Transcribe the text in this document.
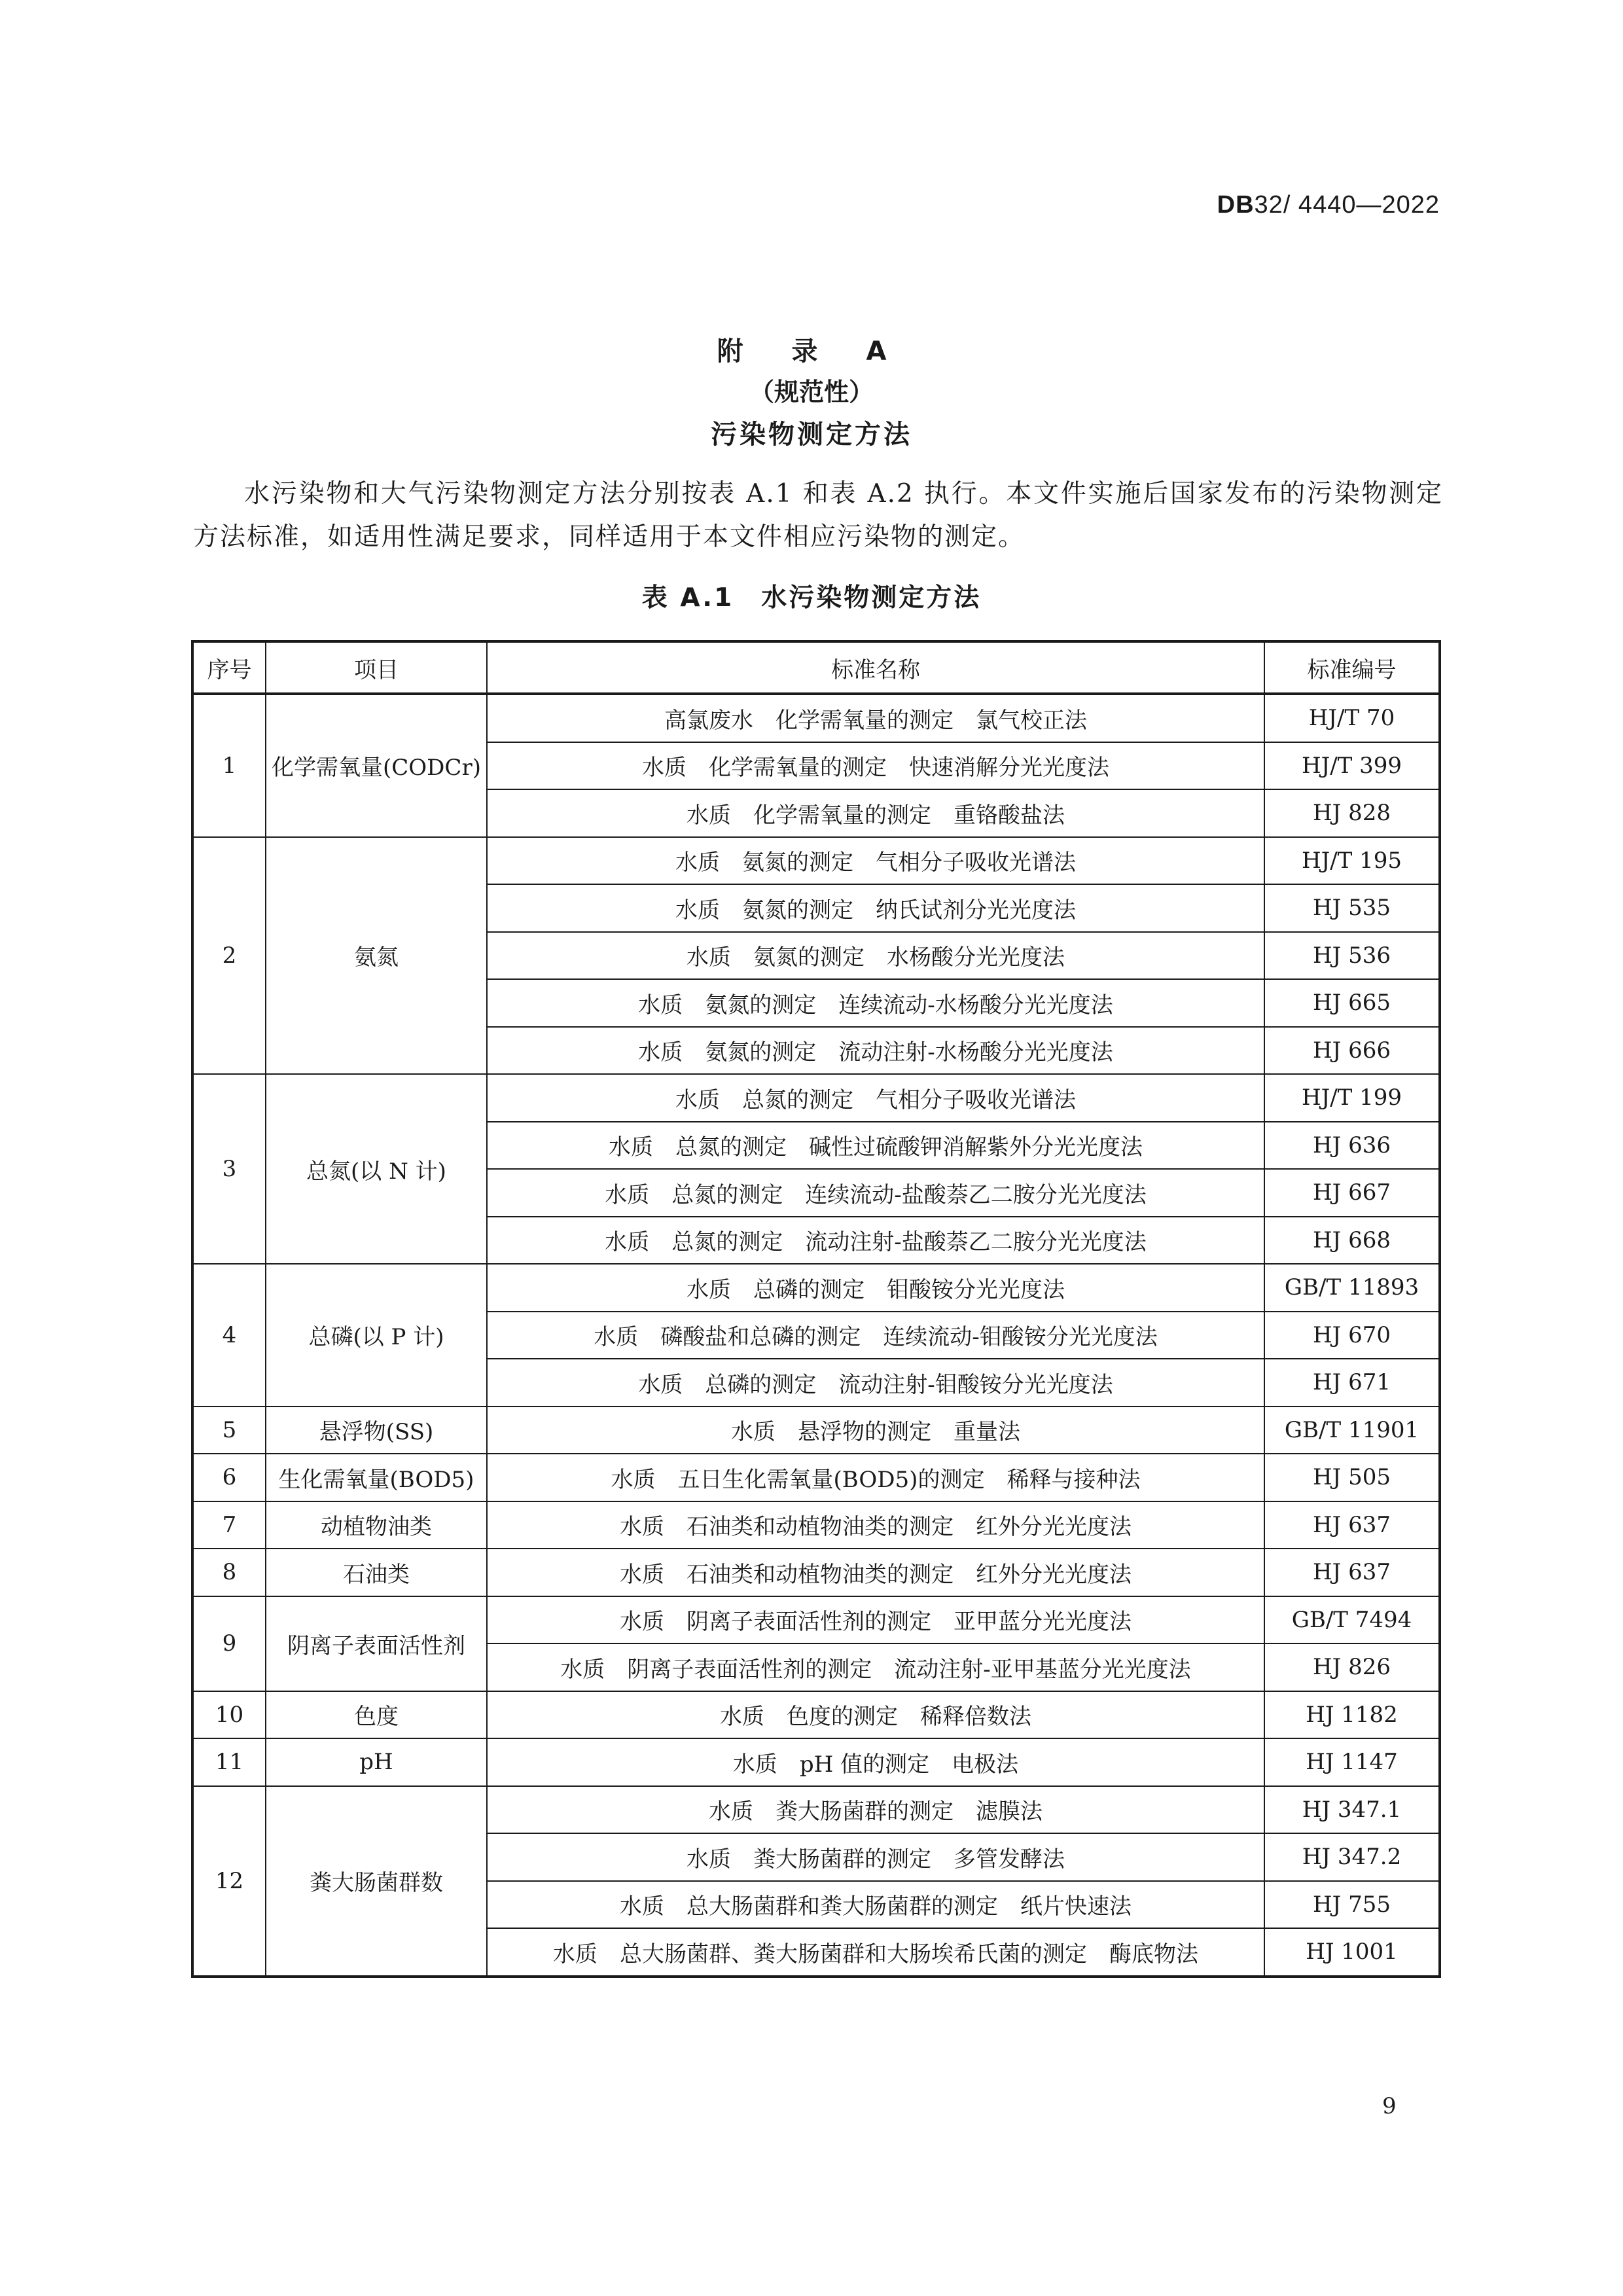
DB32/ 4440—2022
附 录 A
（规范性）
污染物测定方法

水污染物和大气污染物测定方法分别按表 A.1 和表 A.2 执行。本文件实施后国家发布的污染物测定方法标准，如适用性满足要求，同样适用于本文件相应污染物的测定。

表 A.1　水污染物测定方法
序号	项目	标准名称	标准编号
1	化学需氧量(CODCr)	高氯废水　化学需氧量的测定　氯气校正法	HJ/T 70
		水质　化学需氧量的测定　快速消解分光光度法	HJ/T 399
		水质　化学需氧量的测定　重铬酸盐法	HJ 828
2	氨氮	水质　氨氮的测定　气相分子吸收光谱法	HJ/T 195
		水质　氨氮的测定　纳氏试剂分光光度法	HJ 535
		水质　氨氮的测定　水杨酸分光光度法	HJ 536
		水质　氨氮的测定　连续流动-水杨酸分光光度法	HJ 665
		水质　氨氮的测定　流动注射-水杨酸分光光度法	HJ 666
3	总氮(以 N 计)	水质　总氮的测定　气相分子吸收光谱法	HJ/T 199
		水质　总氮的测定　碱性过硫酸钾消解紫外分光光度法	HJ 636
		水质　总氮的测定　连续流动-盐酸萘乙二胺分光光度法	HJ 667
		水质　总氮的测定　流动注射-盐酸萘乙二胺分光光度法	HJ 668
4	总磷(以 P 计)	水质　总磷的测定　钼酸铵分光光度法	GB/T 11893
		水质　磷酸盐和总磷的测定　连续流动-钼酸铵分光光度法	HJ 670
		水质　总磷的测定　流动注射-钼酸铵分光光度法	HJ 671
5	悬浮物(SS)	水质　悬浮物的测定　重量法	GB/T 11901
6	生化需氧量(BOD5)	水质　五日生化需氧量(BOD5)的测定　稀释与接种法	HJ 505
7	动植物油类	水质　石油类和动植物油类的测定　红外分光光度法	HJ 637
8	石油类	水质　石油类和动植物油类的测定　红外分光光度法	HJ 637
9	阴离子表面活性剂	水质　阴离子表面活性剂的测定　亚甲蓝分光光度法	GB/T 7494
		水质　阴离子表面活性剂的测定　流动注射-亚甲基蓝分光光度法	HJ 826
10	色度	水质　色度的测定　稀释倍数法	HJ 1182
11	pH	水质　pH 值的测定　电极法	HJ 1147
12	粪大肠菌群数	水质　粪大肠菌群的测定　滤膜法	HJ 347.1
		水质　粪大肠菌群的测定　多管发酵法	HJ 347.2
		水质　总大肠菌群和粪大肠菌群的测定　纸片快速法	HJ 755
		水质　总大肠菌群、粪大肠菌群和大肠埃希氏菌的测定　酶底物法	HJ 1001
9
